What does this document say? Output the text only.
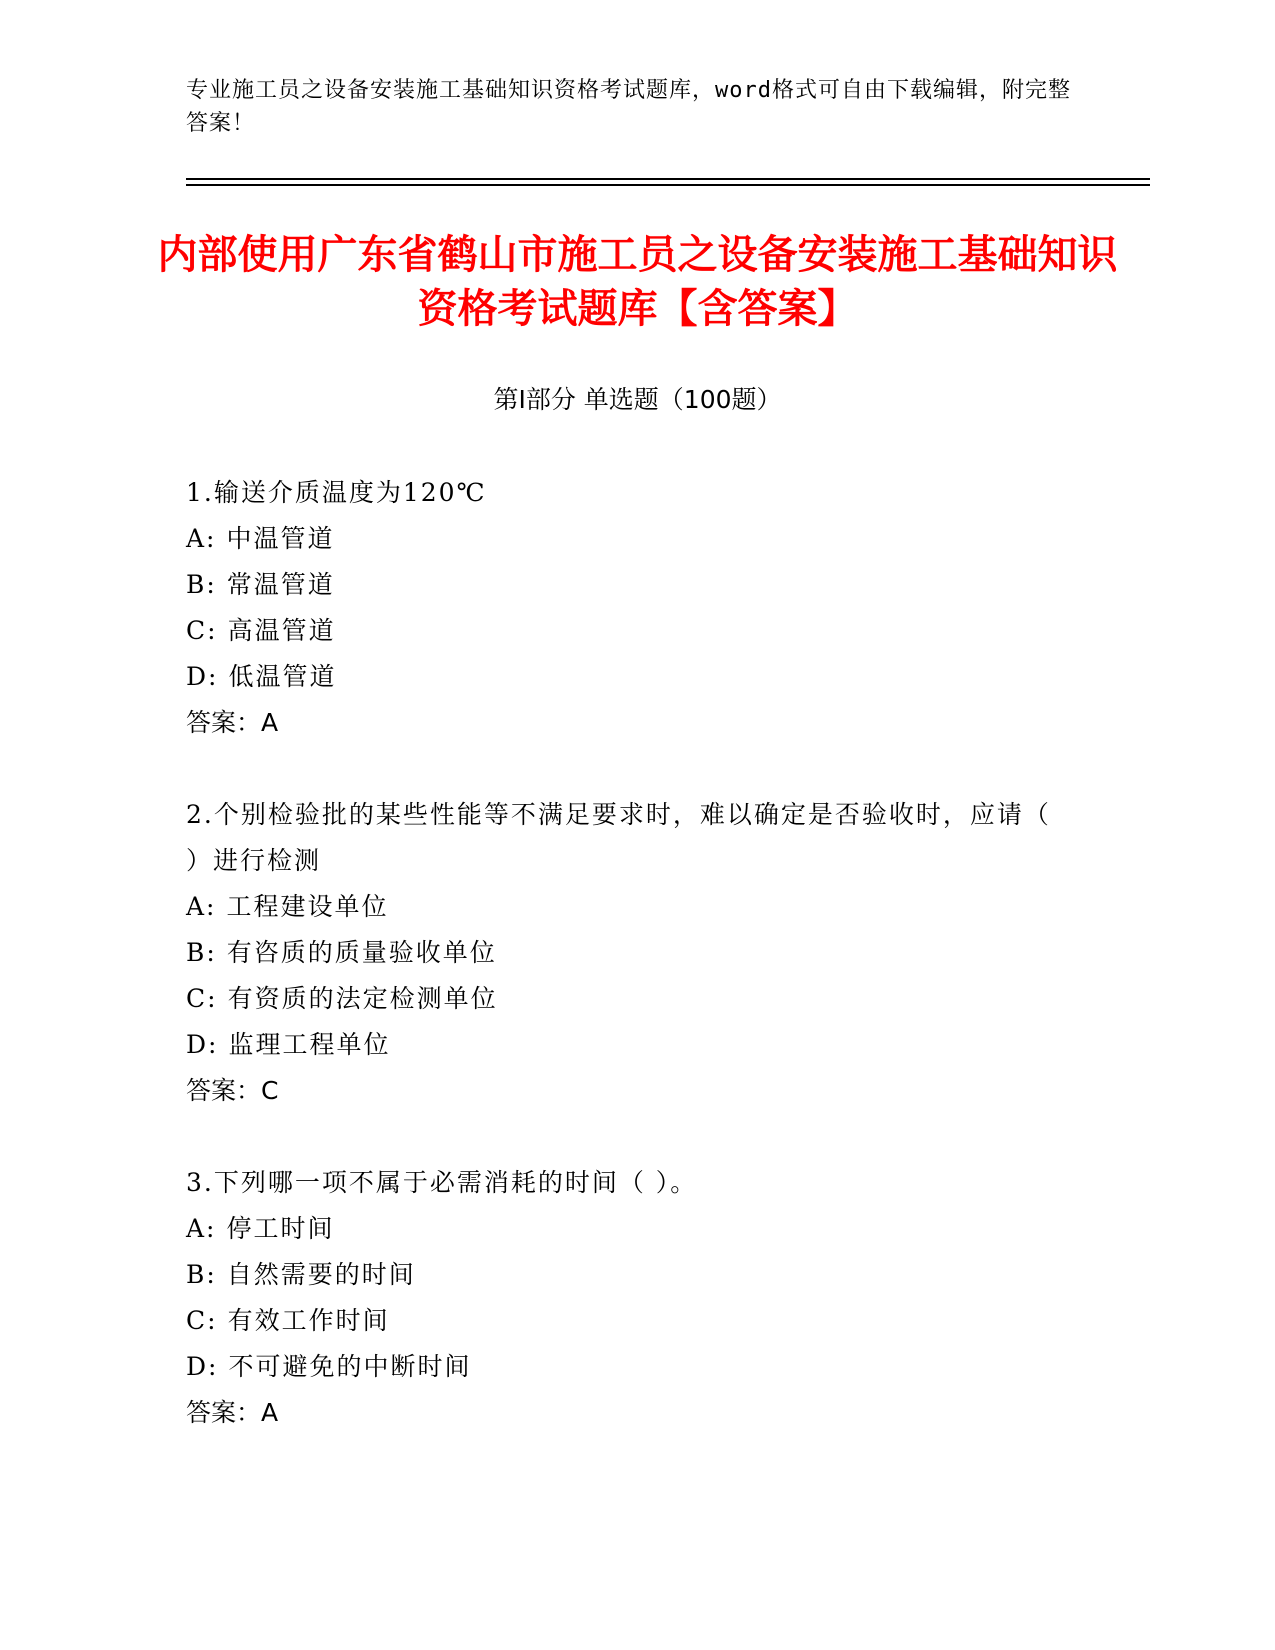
专业施工员之设备安装施工基础知识资格考试题库，word格式可自由下载编辑，附完整答案！
内部使用广东省鹤山市施工员之设备安装施工基础知识资格考试题库【含答案】
第Ⅰ部分 单选题（100题）
1.输送介质温度为120℃
A: 中温管道
B: 常温管道
C: 高温管道
D: 低温管道
答案：A
2.个别检验批的某些性能等不满足要求时，难以确定是否验收时，应请（ ）进行检测
A: 工程建设单位
B: 有咨质的质量验收单位
C: 有资质的法定检测单位
D: 监理工程单位
答案：C
3.下列哪一项不属于必需消耗的时间（ ）。
A: 停工时间
B: 自然需要的时间
C: 有效工作时间
D: 不可避免的中断时间
答案：A
